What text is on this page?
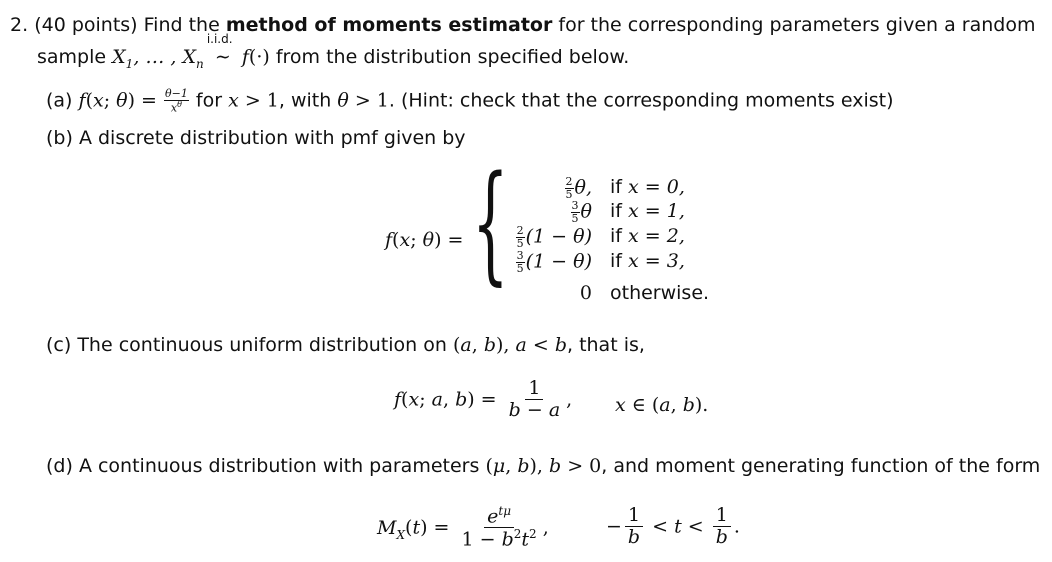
2. (40 points) Find the method of moments estimator for the corresponding parameters given a random
sample $X_1$, … , $X_n$
i.i.d.
∼ f(·) from the distribution specified below.
(a) f(x; $\theta) = \frac{\theta-1}{x^\theta}$ for x > 1, with θ > 1. (Hint: check that the corresponding moments exist)
(b) A discrete distribution with pmf given by
f(x; θ) = {	$\frac{2}{5} \theta$, if x = 0,
$\frac{3}{5}$ θ if x = 1,
$\frac{2}{5} (1 - \theta)$ if x = 2,
$\frac{3}{5} (1 - \theta)$ if x = 3,
0 otherwise.
(c) The continuous uniform distribution on (a, b), a < b, that is,
f(x; a, $b) = \frac{1}{b - a}$ , x ∈ (a, b).
(d) A continuous distribution with parameters (μ, b), b > 0, and moment generating function of the form
$M_X(t) = \frac{e^{t\mu}}{1 - b^2t^2}$ ,	− $\frac{1}{b} < t < \frac{1}{b}$ .
